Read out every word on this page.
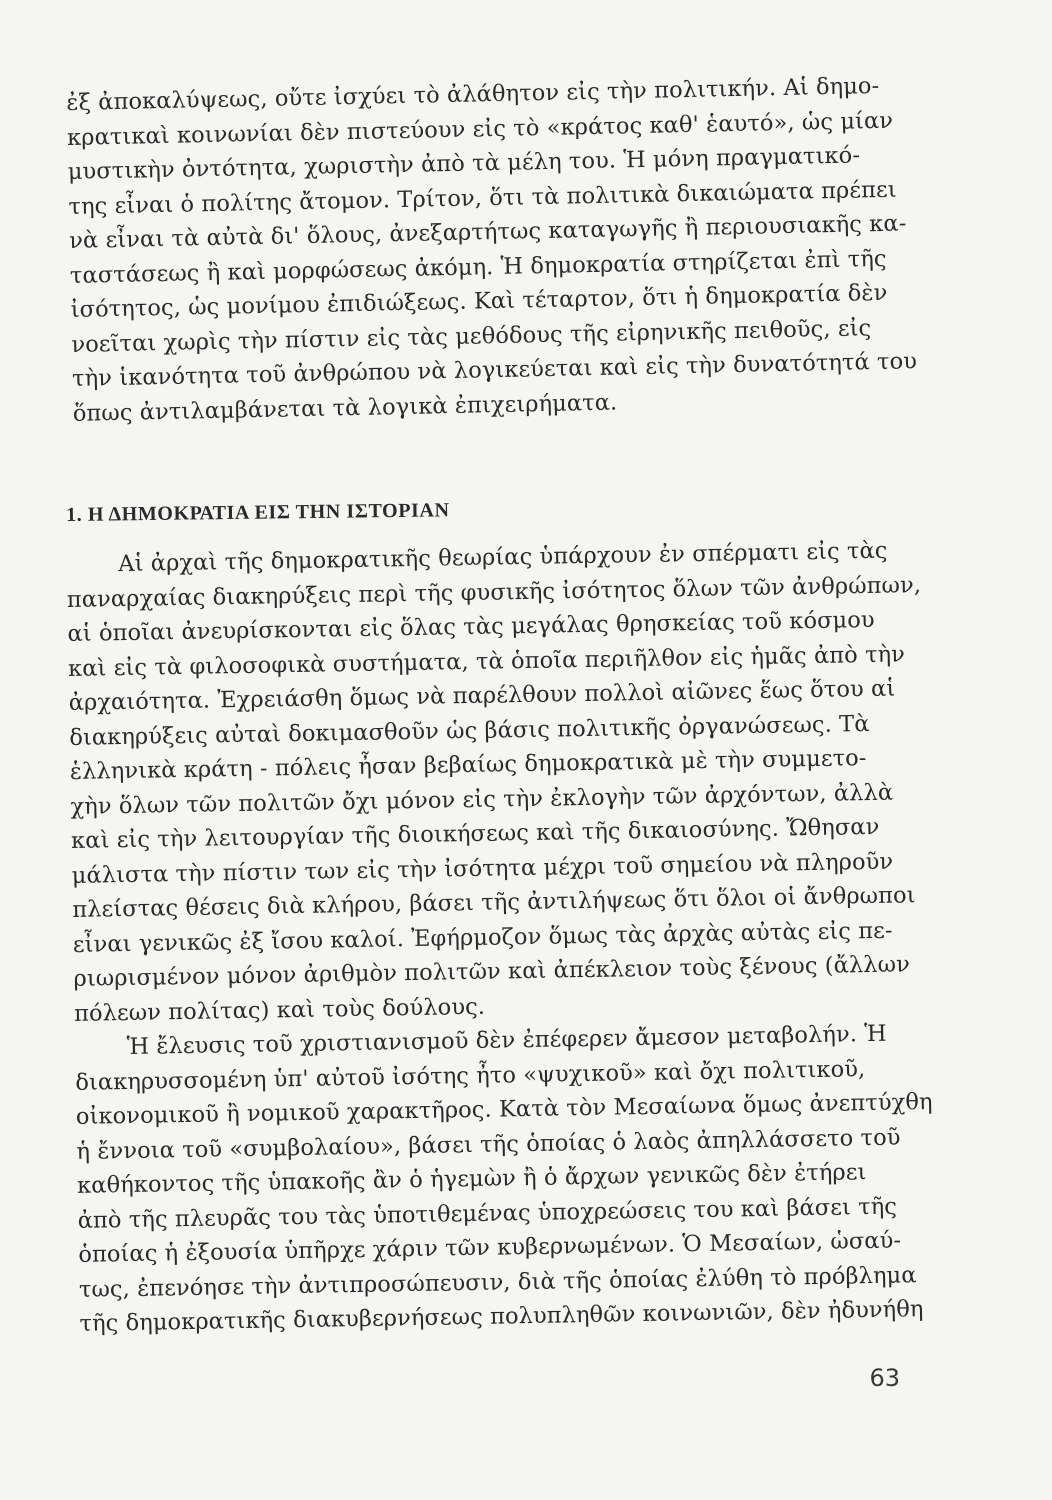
ἐξ ἀποκαλύψεως, οὔτε ἰσχύει τὸ ἀλάθητον εἰς τὴν πολιτικήν. Αἱ δημο-
κρατικαὶ κοινωνίαι δὲν πιστεύουν εἰς τὸ «κράτος καθ' ἑαυτό», ὡς μίαν
μυστικὴν ὀντότητα, χωριστὴν ἀπὸ τὰ μέλη του. Ἡ μόνη πραγματικό-
της εἶναι ὁ πολίτης ἄτομον. Τρίτον, ὅτι τὰ πολιτικὰ δικαιώματα πρέπει
νὰ εἶναι τὰ αὐτὰ δι' ὅλους, ἀνεξαρτήτως καταγωγῆς ἢ περιουσιακῆς κα-
ταστάσεως ἢ καὶ μορφώσεως ἀκόμη. Ἡ δημοκρατία στηρίζεται ἐπὶ τῆς
ἰσότητος, ὡς μονίμου ἐπιδιώξεως. Καὶ τέταρτον, ὅτι ἡ δημοκρατία δὲν
νοεῖται χωρὶς τὴν πίστιν εἰς τὰς μεθόδους τῆς εἰρηνικῆς πειθοῦς, εἰς
τὴν ἱκανότητα τοῦ ἀνθρώπου νὰ λογικεύεται καὶ εἰς τὴν δυνατότητά του
ὅπως ἀντιλαμβάνεται τὰ λογικὰ ἐπιχειρήματα.
1. Η ΔΗΜΟΚΡΑΤΙΑ ΕΙΣ ΤΗΝ ΙΣΤΟΡΙΑΝ
Αἱ ἀρχαὶ τῆς δημοκρατικῆς θεωρίας ὑπάρχουν ἐν σπέρματι εἰς τὰς
παναρχαίας διακηρύξεις περὶ τῆς φυσικῆς ἰσότητος ὅλων τῶν ἀνθρώπων,
αἱ ὁποῖαι ἀνευρίσκονται εἰς ὅλας τὰς μεγάλας θρησκείας τοῦ κόσμου
καὶ εἰς τὰ φιλοσοφικὰ συστήματα, τὰ ὁποῖα περιῆλθον εἰς ἡμᾶς ἀπὸ τὴν
ἀρχαιότητα. Ἐχρειάσθη ὅμως νὰ παρέλθουν πολλοὶ αἰῶνες ἕως ὅτου αἱ
διακηρύξεις αὐταὶ δοκιμασθοῦν ὡς βάσις πολιτικῆς ὀργανώσεως. Τὰ
ἑλληνικὰ κράτη - πόλεις ἦσαν βεβαίως δημοκρατικὰ μὲ τὴν συμμετο-
χὴν ὅλων τῶν πολιτῶν ὄχι μόνον εἰς τὴν ἐκλογὴν τῶν ἀρχόντων, ἀλλὰ
καὶ εἰς τὴν λειτουργίαν τῆς διοικήσεως καὶ τῆς δικαιοσύνης. Ὤθησαν
μάλιστα τὴν πίστιν των εἰς τὴν ἰσότητα μέχρι τοῦ σημείου νὰ πληροῦν
πλείστας θέσεις διὰ κλήρου, βάσει τῆς ἀντιλήψεως ὅτι ὅλοι οἱ ἄνθρωποι
εἶναι γενικῶς ἐξ ἴσου καλοί. Ἐφήρμοζον ὅμως τὰς ἀρχὰς αὐτὰς εἰς πε-
ριωρισμένον μόνον ἀριθμὸν πολιτῶν καὶ ἀπέκλειον τοὺς ξένους (ἄλλων
πόλεων πολίτας) καὶ τοὺς δούλους.
Ἡ ἔλευσις τοῦ χριστιανισμοῦ δὲν ἐπέφερεν ἄμεσον μεταβολήν. Ἡ
διακηρυσσομένη ὑπ' αὐτοῦ ἰσότης ἦτο «ψυχικοῦ» καὶ ὄχι πολιτικοῦ,
οἰκονομικοῦ ἢ νομικοῦ χαρακτῆρος. Κατὰ τὸν Μεσαίωνα ὅμως ἀνεπτύχθη
ἡ ἔννοια τοῦ «συμβολαίου», βάσει τῆς ὁποίας ὁ λαὸς ἀπηλλάσσετο τοῦ
καθήκοντος τῆς ὑπακοῆς ἂν ὁ ἡγεμὼν ἢ ὁ ἄρχων γενικῶς δὲν ἐτήρει
ἀπὸ τῆς πλευρᾶς του τὰς ὑποτιθεμένας ὑποχρεώσεις του καὶ βάσει τῆς
ὁποίας ἡ ἐξουσία ὑπῆρχε χάριν τῶν κυβερνωμένων. Ὁ Μεσαίων, ὡσαύ-
τως, ἐπενόησε τὴν ἀντιπροσώπευσιν, διὰ τῆς ὁποίας ἐλύθη τὸ πρόβλημα
τῆς δημοκρατικῆς διακυβερνήσεως πολυπληθῶν κοινωνιῶν, δὲν ἠδυνήθη
63
